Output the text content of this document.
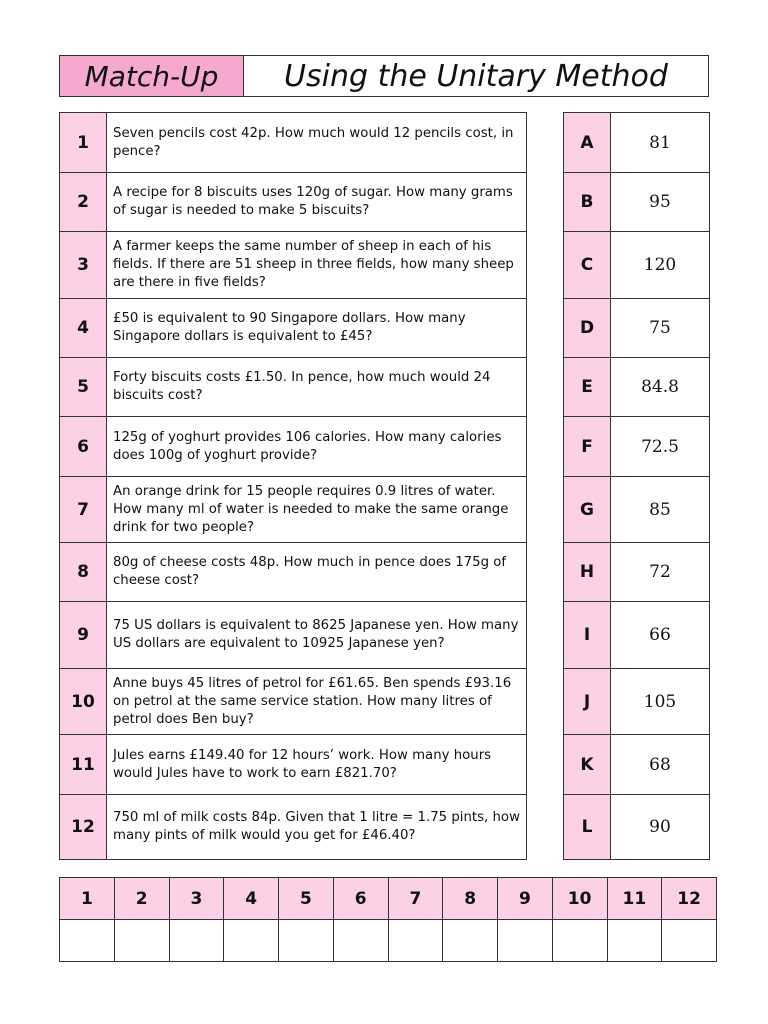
Match-Up	Using the Unitary Method
1	Seven pencils cost 42p. How much would 12 pencils cost, in pence?
2	A recipe for 8 biscuits uses 120g of sugar. How many grams of sugar is needed to make 5 biscuits?
3	A farmer keeps the same number of sheep in each of his fields. If there are 51 sheep in three fields, how many sheep are there in five fields?
4	£50 is equivalent to 90 Singapore dollars. How many Singapore dollars is equivalent to £45?
5	Forty biscuits costs £1.50. In pence, how much would 24 biscuits cost?
6	125g of yoghurt provides 106 calories. How many calories does 100g of yoghurt provide?
7	An orange drink for 15 people requires 0.9 litres of water. How many ml of water is needed to make the same orange drink for two people?
8	80g of cheese costs 48p. How much in pence does 175g of cheese cost?
9	75 US dollars is equivalent to 8625 Japanese yen. How many US dollars are equivalent to 10925 Japanese yen?
10	Anne buys 45 litres of petrol for £61.65. Ben spends £93.16 on petrol at the same service station. How many litres of petrol does Ben buy?
11	Jules earns £149.40 for 12 hours’ work. How many hours would Jules have to work to earn £821.70?
12	750 ml of milk costs 84p. Given that 1 litre = 1.75 pints, how many pints of milk would you get for £46.40?
A	81
B	95
C	120
D	75
E	84.8
F	72.5
G	85
H	72
I	66
J	105
K	68
L	90
1	2	3	4	5	6	7	8	9	10	11	12
